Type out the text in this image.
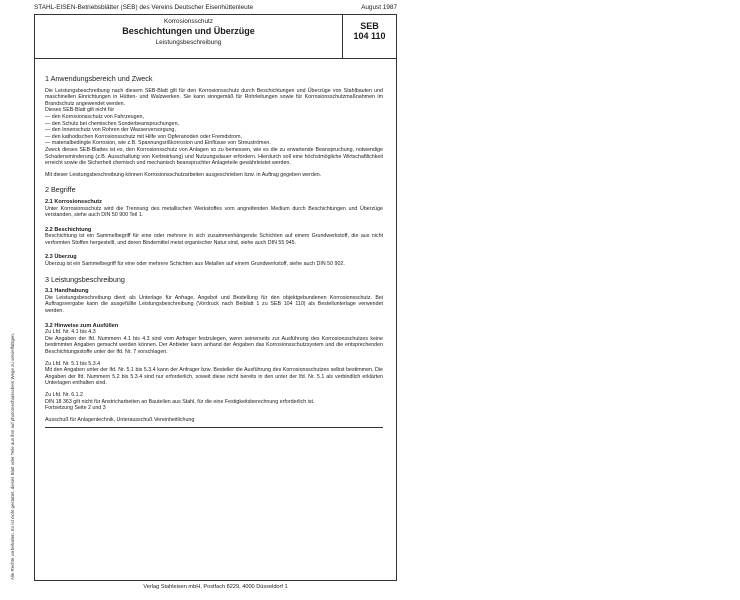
STAHL-EISEN-Betriebsblätter (SEB) des Vereins Deutscher Eisenhüttenleute	August 1987
Alle Rechte vorbehalten. Es ist nicht gestattet, dieses Blatt oder Teile aus ihm auf photomechanischem Wege zu vervielfältigen.
Korrosionsschutz
Beschichtungen und Überzüge
Leistungsbeschreibung
SEB
104 110
1 Anwendungsbereich und Zweck

Die Leistungsbeschreibung nach diesem SEB-Blatt gilt für den Korrosionsschutz durch Beschichtungen und Überzüge von Stahlbauten und maschinellen Einrichtungen in Hütten- und Walzwerken. Sie kann sinngemäß für Rohrleitungen sowie für Korrosionsschutzmaßnahmen im Brandschutz angewendet werden.

Dieses SEB-Blatt gilt nicht für

— den Korrosionsschutz von Fahrzeugen,
— den Schutz bei chemischen Sonderbeanspruchungen,
— den Innenschutz von Rohren der Wasserversorgung,
— den kathodischen Korrosionsschutz mit Hilfe von Opferanoden oder Fremdstrom,
— materialbedingte Korrosion, wie z.B. Spannungsrißkorrosion und Einflüsse von Streuströmen.

Zweck dieses SEB-Blattes ist es, den Korrosionsschutz von Anlagen so zu bemessen, wie es die zu erwartende Beanspruchung, notwendige Schadensminderung (z.B. Ausschaltung von Kerbwirkung) und Nutzungsdauer erfordern. Hierdurch soll eine höchstmögliche Wirtschaftlichkeit erreicht sowie die Sicherheit chemisch und mechanisch beanspruchter Anlageteile gewährleistet werden.

Mit dieser Leistungsbeschreibung können Korrosionsschutzarbeiten ausgeschrieben bzw. in Auftrag gegeben werden.

2 Begriffe
2.1 Korrosionsschutz

Unter Korrosionsschutz wird die Trennung des metallischen Werkstoffes vom angreifenden Medium durch Beschichtungen und Überzüge verstanden, siehe auch DIN 50 900 Teil 1.

2.2 Beschichtung

Beschichtung ist ein Sammelbegriff für eine oder mehrere in sich zusammenhängende Schichten auf einem Grundwerkstoff, die aus nicht verformten Stoffen hergestellt, und deren Bindemittel meist organischer Natur sind, siehe auch DIN 55 945.

2.3 Überzug

Überzug ist ein Sammelbegriff für eine oder mehrere Schichten aus Metallen auf einem Grundwerkstoff, siehe auch DIN 50 902.

3 Leistungsbeschreibung
3.1 Handhabung

Die Leistungsbeschreibung dient als Unterlage für Anfrage, Angebot und Bestellung für den objektgebundenen Korrosionsschutz. Bei Auftragsvergabe kann die ausgefüllte Leistungsbeschreibung (Vordruck nach Beiblatt 1 zu SEB 104 110) als Bestellunterlage verwendet werden.

3.2 Hinweise zum Ausfüllen

Zu Lfd. Nr. 4.1 bis 4.3

Die Angaben der lfd. Nummern 4.1 bis 4.3 sind vom Anfrager festzulegen, wenn seinerseits zur Ausführung des Korrosionsschutzes keine bestimmten Angaben gemacht werden können. Der Anbieter kann anhand der Angaben das Korrosionsschutzsystem und die entsprechenden Beschichtungsstoffe unter der lfd. Nr. 7 vorschlagen.

Zu Lfd. Nr. 5.1 bis 5.3.4

Mit den Angaben unter der lfd. Nr. 5.1 bis 5.3.4 kann der Anfrager bzw. Besteller die Ausführung des Korrosionsschutzes selbst bestimmen. Die Angaben der lfd. Nummern 5.2 bis 5.3.4 sind nur erforderlich, soweit diese nicht bereits in den unter der lfd. Nr. 5.1 als verbindlich erklärten Unterlagen enthalten sind.

Zu Lfd. Nr. 6.1.2

DIN 18 363 gilt nicht für Anstricharbeiten an Bauteilen aus Stahl, für die eine Festigkeitsberechnung erforderlich ist.

Fortsetzung Seite 2 und 3

Ausschuß für Anlagentechnik, Unterausschuß Vereinheitlichung

Verlag Stahleisen mbH, Postfach 8229, 4000 Düsseldorf 1
